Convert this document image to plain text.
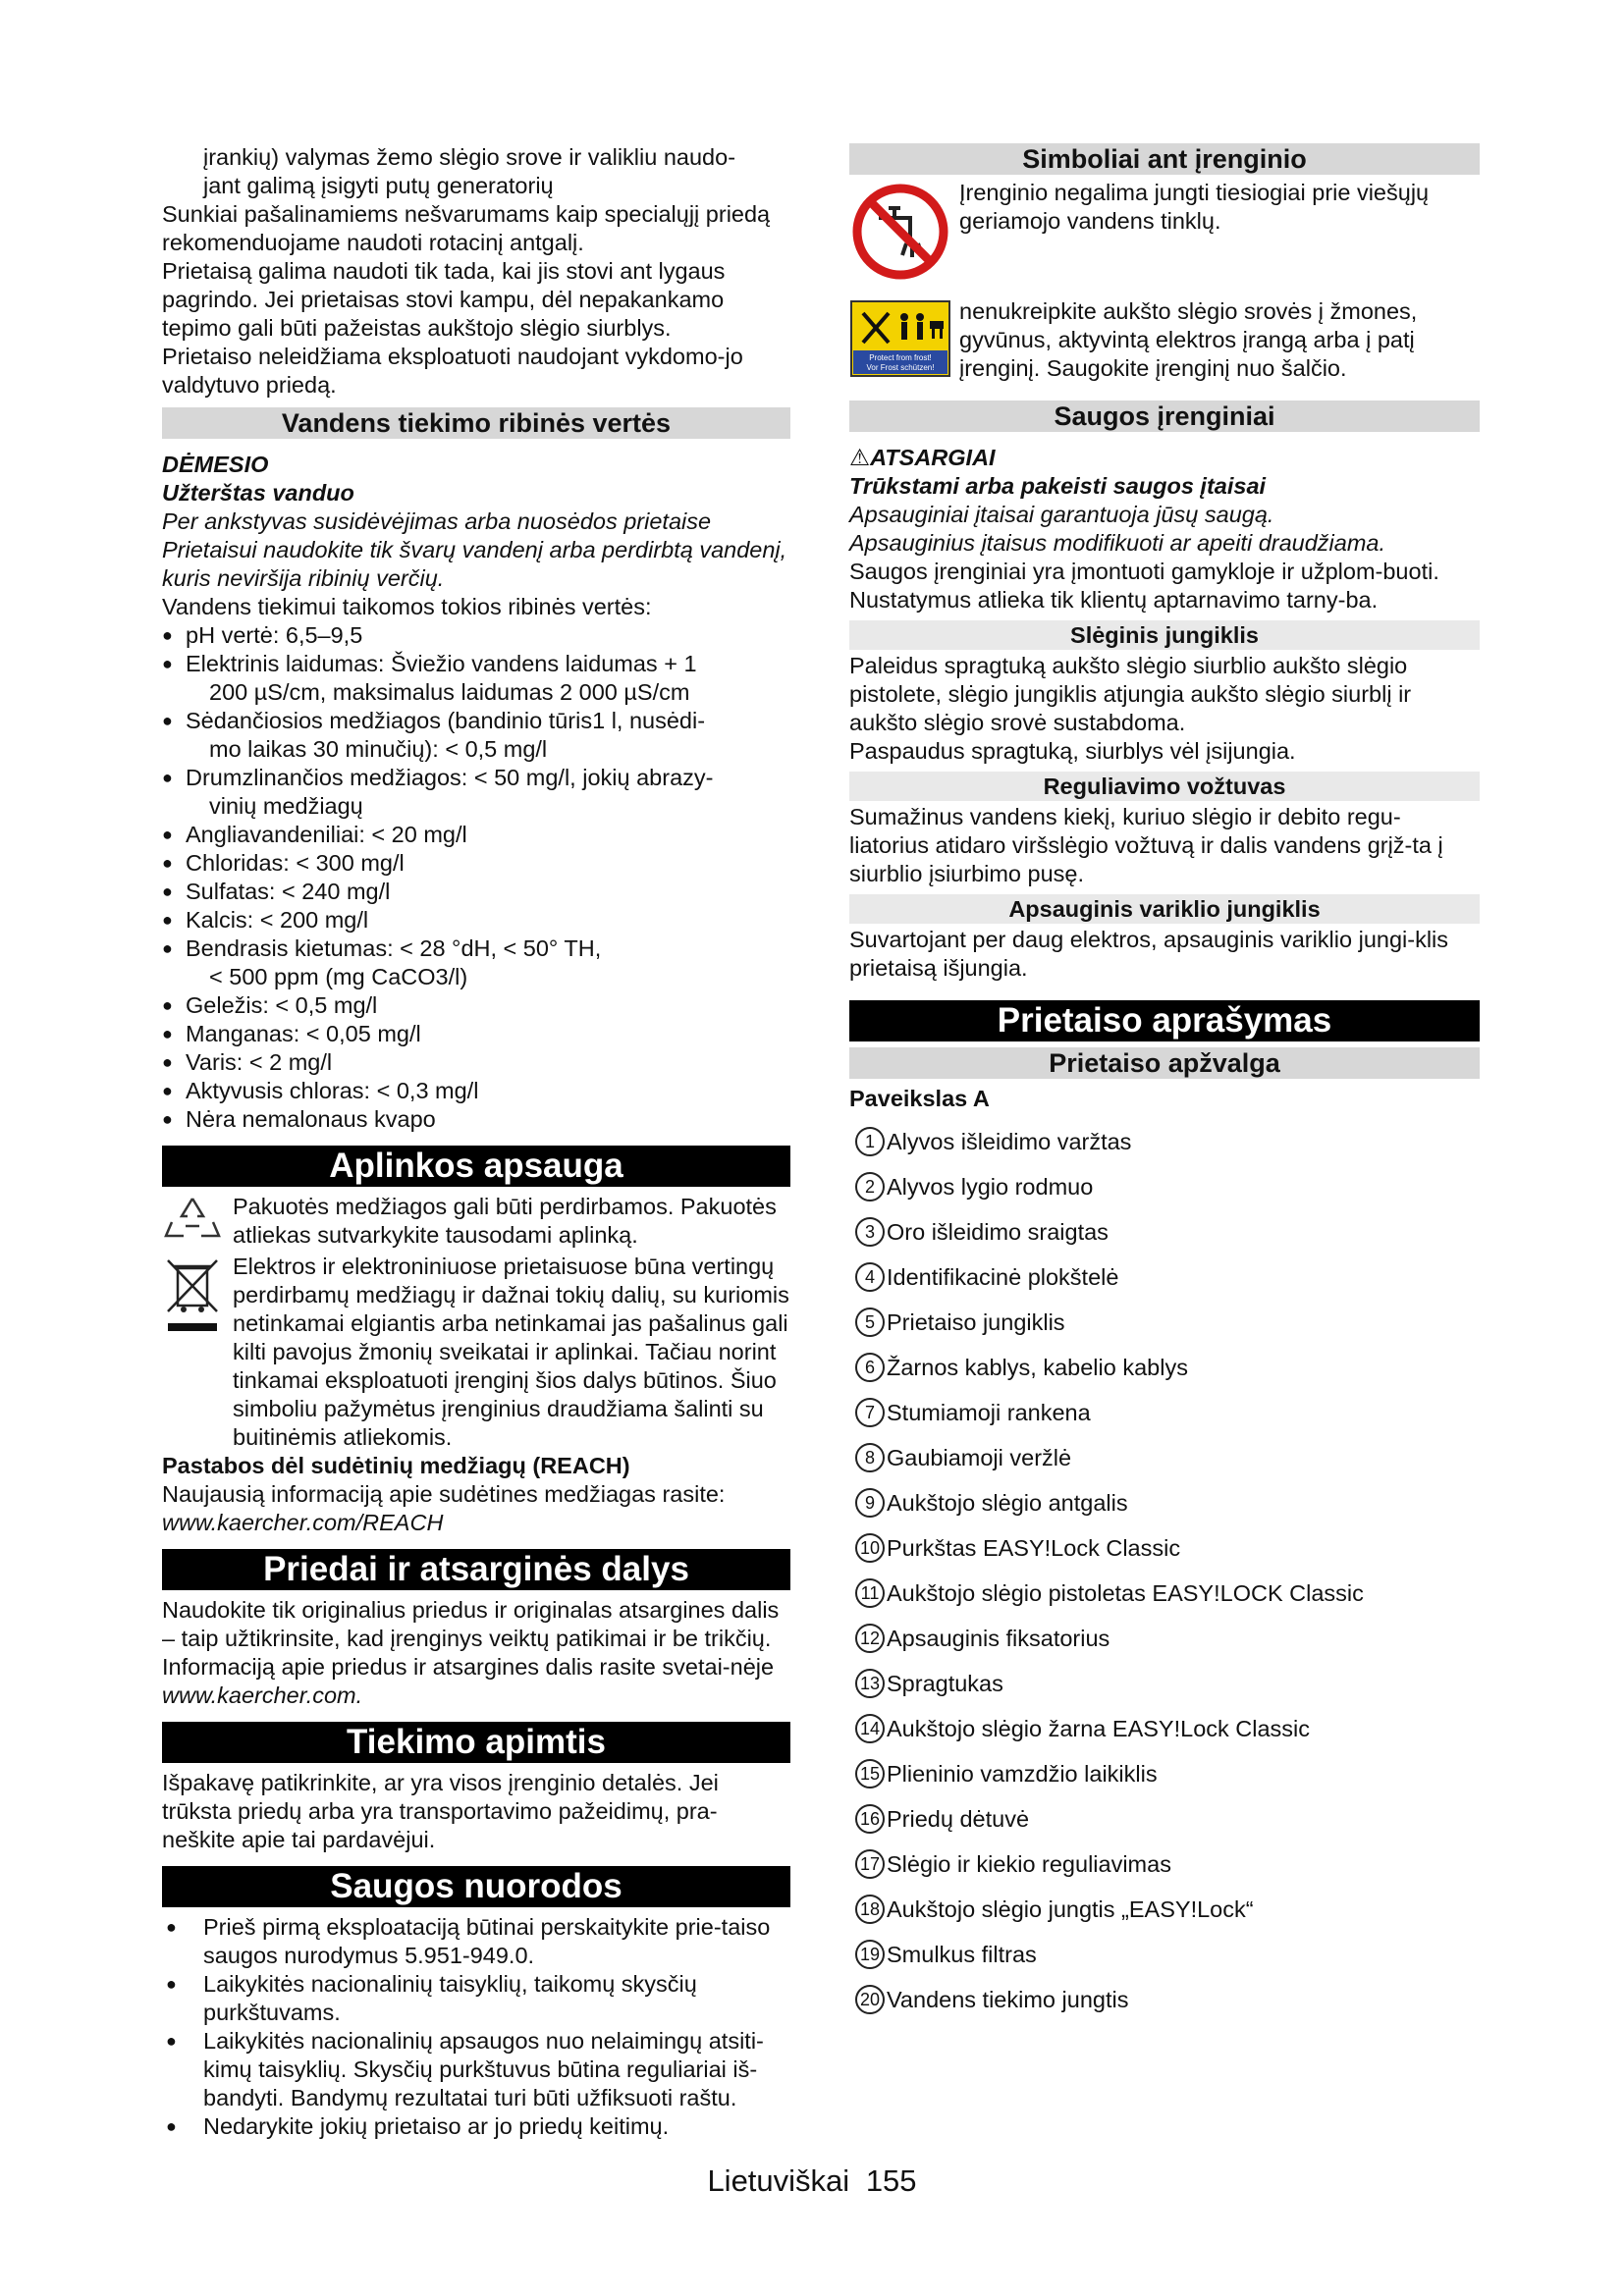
įrankių) valymas žemo slėgio srove ir valikliu naudo-

jant galimą įsigyti putų generatorių

Sunkiai pašalinamiems nešvarumams kaip specialųjį priedą rekomenduojame naudoti rotacinį antgalį.

Prietaisą galima naudoti tik tada, kai jis stovi ant lygaus pagrindo. Jei prietaisas stovi kampu, dėl nepakankamo tepimo gali būti pažeistas aukštojo slėgio siurblys.

Prietaiso neleidžiama eksploatuoti naudojant vykdomo-jo valdytuvo priedą.

Vandens tiekimo ribinės vertės

DĖMESIO

Užterštas vanduo

Per ankstyvas susidėvėjimas arba nuosėdos prietaise

Prietaisui naudokite tik švarų vandenį arba perdirbtą vandenį, kuris neviršija ribinių verčių.

Vandens tiekimui taikomos tokios ribinės vertės:

● pH vertė: 6,5–9,5
● Elektrinis laidumas: Šviežio vandens laidumas + 1
200 µS/cm, maksimalus laidumas 2 000 µS/cm
● Sėdančiosios medžiagos (bandinio tūris1 l, nusėdi-
mo laikas 30 minučių): < 0,5 mg/l
● Drumzlinančios medžiagos: < 50 mg/l, jokių abrazy-
vinių medžiagų
● Angliavandeniliai: < 20 mg/l
● Chloridas: < 300 mg/l
● Sulfatas: < 240 mg/l
● Kalcis: < 200 mg/l
● Bendrasis kietumas: < 28 °dH, < 50° TH,
< 500 ppm (mg CaCO3/l)
● Geležis: < 0,5 mg/l
● Manganas: < 0,05 mg/l
● Varis: < 2 mg/l
● Aktyvusis chloras: < 0,3 mg/l
● Nėra nemalonaus kvapo
Aplinkos apsauga

Pakuotės medžiagos gali būti perdirbamos. Pakuotės atliekas sutvarkykite tausodami aplinką.

Elektros ir elektroniniuose prietaisuose būna vertingų perdirbamų medžiagų ir dažnai tokių dalių, su kuriomis netinkamai elgiantis arba netinkamai jas pašalinus gali kilti pavojus žmonių sveikatai ir aplinkai. Tačiau norint tinkamai eksploatuoti įrenginį šios dalys būtinos. Šiuo simboliu pažymėtus įrenginius draudžiama šalinti su buitinėmis atliekomis.

Pastabos dėl sudėtinių medžiagų (REACH)

Naujausią informaciją apie sudėtines medžiagas rasite:

www.kaercher.com/REACH

Priedai ir atsarginės dalys

Naudokite tik originalius priedus ir originalas atsargines dalis – taip užtikrinsite, kad įrenginys veiktų patikimai ir be trikčių.

Informaciją apie priedus ir atsargines dalis rasite svetai-nėje www.kaercher.com.

Tiekimo apimtis

Išpakavę patikrinkite, ar yra visos įrenginio detalės. Jei trūksta priedų arba yra transportavimo pažeidimų, pra-neškite apie tai pardavėjui.

Saugos nuorodos
● Prieš pirmą eksploataciją būtinai perskaitykite prie-taiso saugos nurodymus 5.951-949.0.
● Laikykitės nacionalinių taisyklių, taikomų skysčių purkštuvams.
● Laikykitės nacionalinių apsaugos nuo nelaimingų atsiti-kimų taisyklių. Skysčių purkštuvus būtina reguliariai iš-bandyti. Bandymų rezultatai turi būti užfiksuoti raštu.
● Nedarykite jokių prietaiso ar jo priedų keitimų.
Simboliai ant įrenginio

Įrenginio negalima jungti tiesiogiai prie viešųjų geriamojo vandens tinklų.

Protect from frost!
Vor Frost schützen!

nenukreipkite aukšto slėgio srovės į žmones, gyvūnus, aktyvintą elektros įrangą arba į patį įrenginį. Saugokite įrenginį nuo šalčio.

Saugos įrenginiai

⚠ATSARGIAI

Trūkstami arba pakeisti saugos įtaisai

Apsauginiai įtaisai garantuoja jūsų saugą.

Apsauginius įtaisus modifikuoti ar apeiti draudžiama.

Saugos įrenginiai yra įmontuoti gamykloje ir užplom-buoti. Nustatymus atlieka tik klientų aptarnavimo tarny-ba.

Slėginis jungiklis

Paleidus spragtuką aukšto slėgio siurblio aukšto slėgio pistolete, slėgio jungiklis atjungia aukšto slėgio siurblį ir aukšto slėgio srovė sustabdoma.

Paspaudus spragtuką, siurblys vėl įsijungia.

Reguliavimo vožtuvas

Sumažinus vandens kiekį, kuriuo slėgio ir debito regu-liatorius atidaro viršslėgio vožtuvą ir dalis vandens grįž-ta į siurblio įsiurbimo pusę.

Apsauginis variklio jungiklis

Suvartojant per daug elektros, apsauginis variklio jungi-klis prietaisą išjungia.

Prietaiso aprašymas
Prietaiso apžvalga

Paveikslas A

1 Alyvos išleidimo varžtas
2 Alyvos lygio rodmuo
3 Oro išleidimo sraigtas
4 Identifikacinė plokštelė
5 Prietaiso jungiklis
6 Žarnos kablys, kabelio kablys
7 Stumiamoji rankena
8 Gaubiamoji veržlė
9 Aukštojo slėgio antgalis
10 Purkštas EASY!Lock Classic
11 Aukštojo slėgio pistoletas EASY!LOCK Classic
12 Apsauginis fiksatorius
13 Spragtukas
14 Aukštojo slėgio žarna EASY!Lock Classic
15 Plieninio vamzdžio laikiklis
16 Priedų dėtuvė
17 Slėgio ir kiekio reguliavimas
18 Aukštojo slėgio jungtis „EASY!Lock“
19 Smulkus filtras
20 Vandens tiekimo jungtis
Lietuviškai 155
